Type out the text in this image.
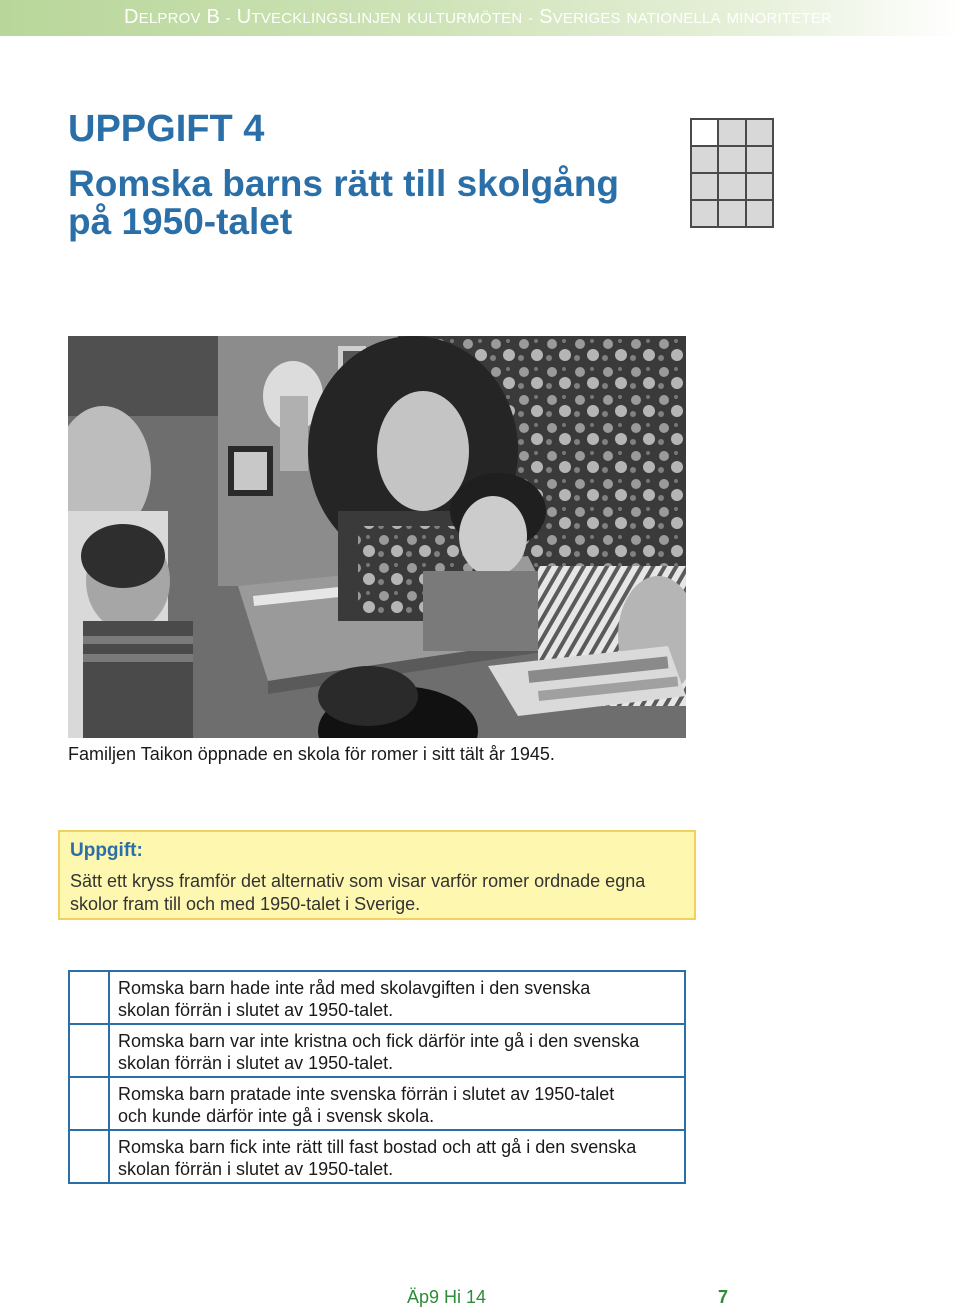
DELPROV B - UTVECKLINGSLINJEN KULTURMÖTEN - SVERIGES NATIONELLA MINORITETER
UPPGIFT 4
Romska barns rätt till skolgång
på 1950-talet
Familjen Taikon öppnade en skola för romer i sitt tält år 1945.
Uppgift:
Sätt ett kryss framför det alternativ som visar varför romer ordnade egna skolor fram till och med 1950-talet i Sverige.
Romska barn hade inte råd med skolavgiften i den svenska
skolan förrän i slutet av 1950-talet.
Romska barn var inte kristna och fick därför inte gå i den svenska
skolan förrän i slutet av 1950-talet.
Romska barn pratade inte svenska förrän i slutet av 1950-talet
och kunde därför inte gå i svensk skola.
Romska barn fick inte rätt till fast bostad och att gå i den svenska
skolan förrän i slutet av 1950-talet.
Äp9 Hi 14	7
